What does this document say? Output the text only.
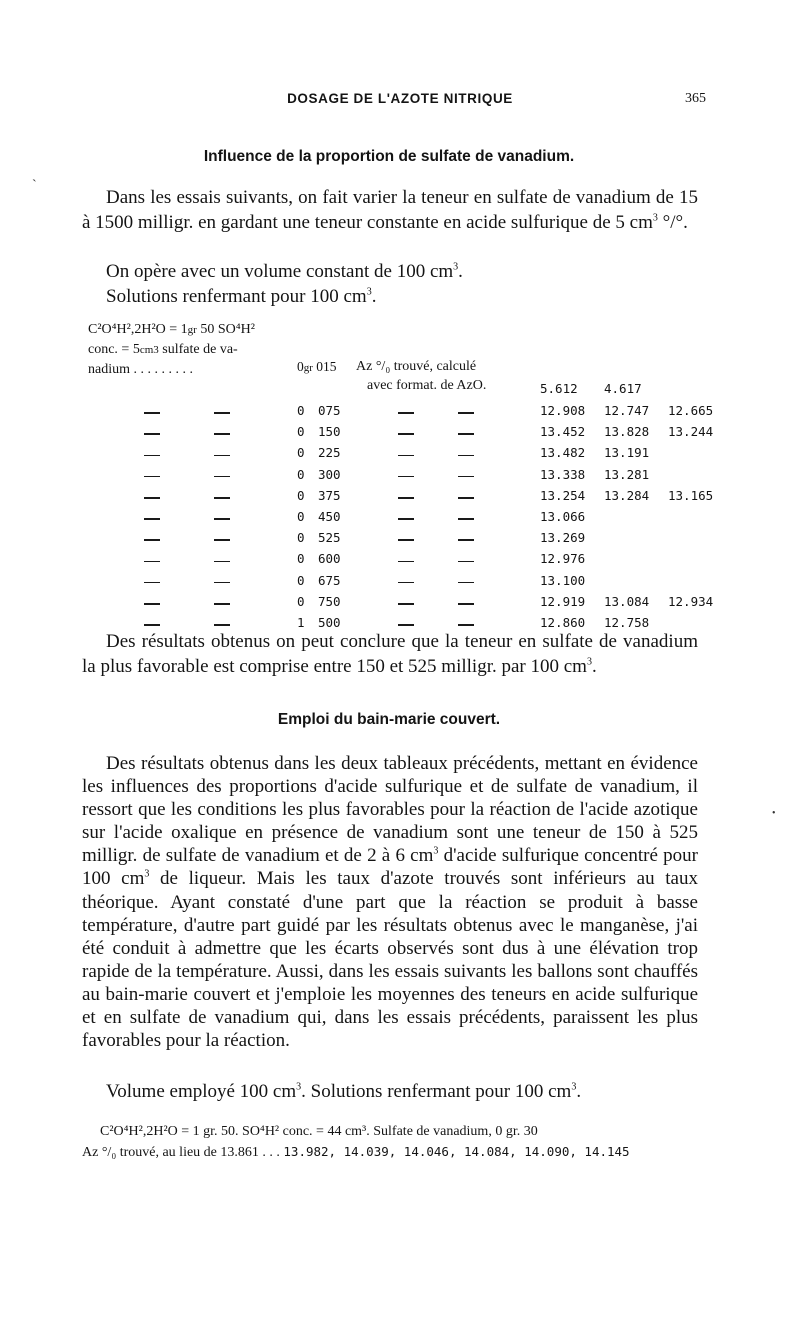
DOSAGE DE L'AZOTE NITRIQUE	365
Influence de la proportion de sulfate de vanadium.
`

Dans les essais suivants, on fait varier la teneur en sulfate de vanadium de 15 à 1500 milligr. en gardant une teneur constante en acide sulfurique de 5 $cm^3$ °/°.

On opère avec un volume constant de 100 $cm^3$.

Solutions renfermant pour 100 $cm^3$.

C²O⁴H²,2H²O = 1gr 50 SO⁴H²
conc. = 5cm3 sulfate de va-
nadium . . . . . . . . .	0gr 015 Az °/₀ trouvé, calculé
avec format. de AzO.	5.612 4.617
0 075	12.908 12.747 12.665
0 150	13.452 13.828 13.244
0 225	13.482 13.191
0 300	13.338 13.281
0 375	13.254 13.284 13.165
0 450	13.066
0 525	13.269
0 600	12.976
0 675	13.100
0 750	12.919 13.084 12.934
1 500	12.860 12.758

Des résultats obtenus on peut conclure que la teneur en sulfate de vanadium la plus favorable est comprise entre 150 et 525 milligr. par 100 $cm^3$.

Emploi du bain-marie couvert.

Des résultats obtenus dans les deux tableaux précédents, mettant en évidence les influences des proportions d'acide sulfurique et de sulfate de vanadium, il ressort que les conditions les plus favorables pour la réaction de l'acide azotique sur l'acide oxalique en présence de vanadium sont une teneur de 150 à 525 milligr. de sulfate de vanadium et de 2 à 6 $cm^3$ d'acide sulfurique concentré pour 100 $cm^3$ de liqueur. Mais les taux d'azote trouvés sont inférieurs au taux théorique. Ayant constaté d'une part que la réaction se produit à basse température, d'autre part guidé par les résultats obtenus avec le manganèse, j'ai été conduit à admettre que les écarts observés sont dus à une élévation trop rapide de la température. Aussi, dans les essais suivants les ballons sont chauffés au bain-marie couvert et j'emploie les moyennes des teneurs en acide sulfurique et en sulfate de vanadium qui, dans les essais précédents, paraissent les plus favorables pour la réaction.

•

Volume employé 100 $cm^3$. Solutions renfermant pour 100 $cm^3$.

C²O⁴H²,2H²O = 1 gr. 50. SO⁴H² conc. = 44 cm³. Sulfate de vanadium, 0 gr. 30
Az °/₀ trouvé, au lieu de 13.861 . . . 13.982, 14.039, 14.046, 14.084, 14.090, 14.145
